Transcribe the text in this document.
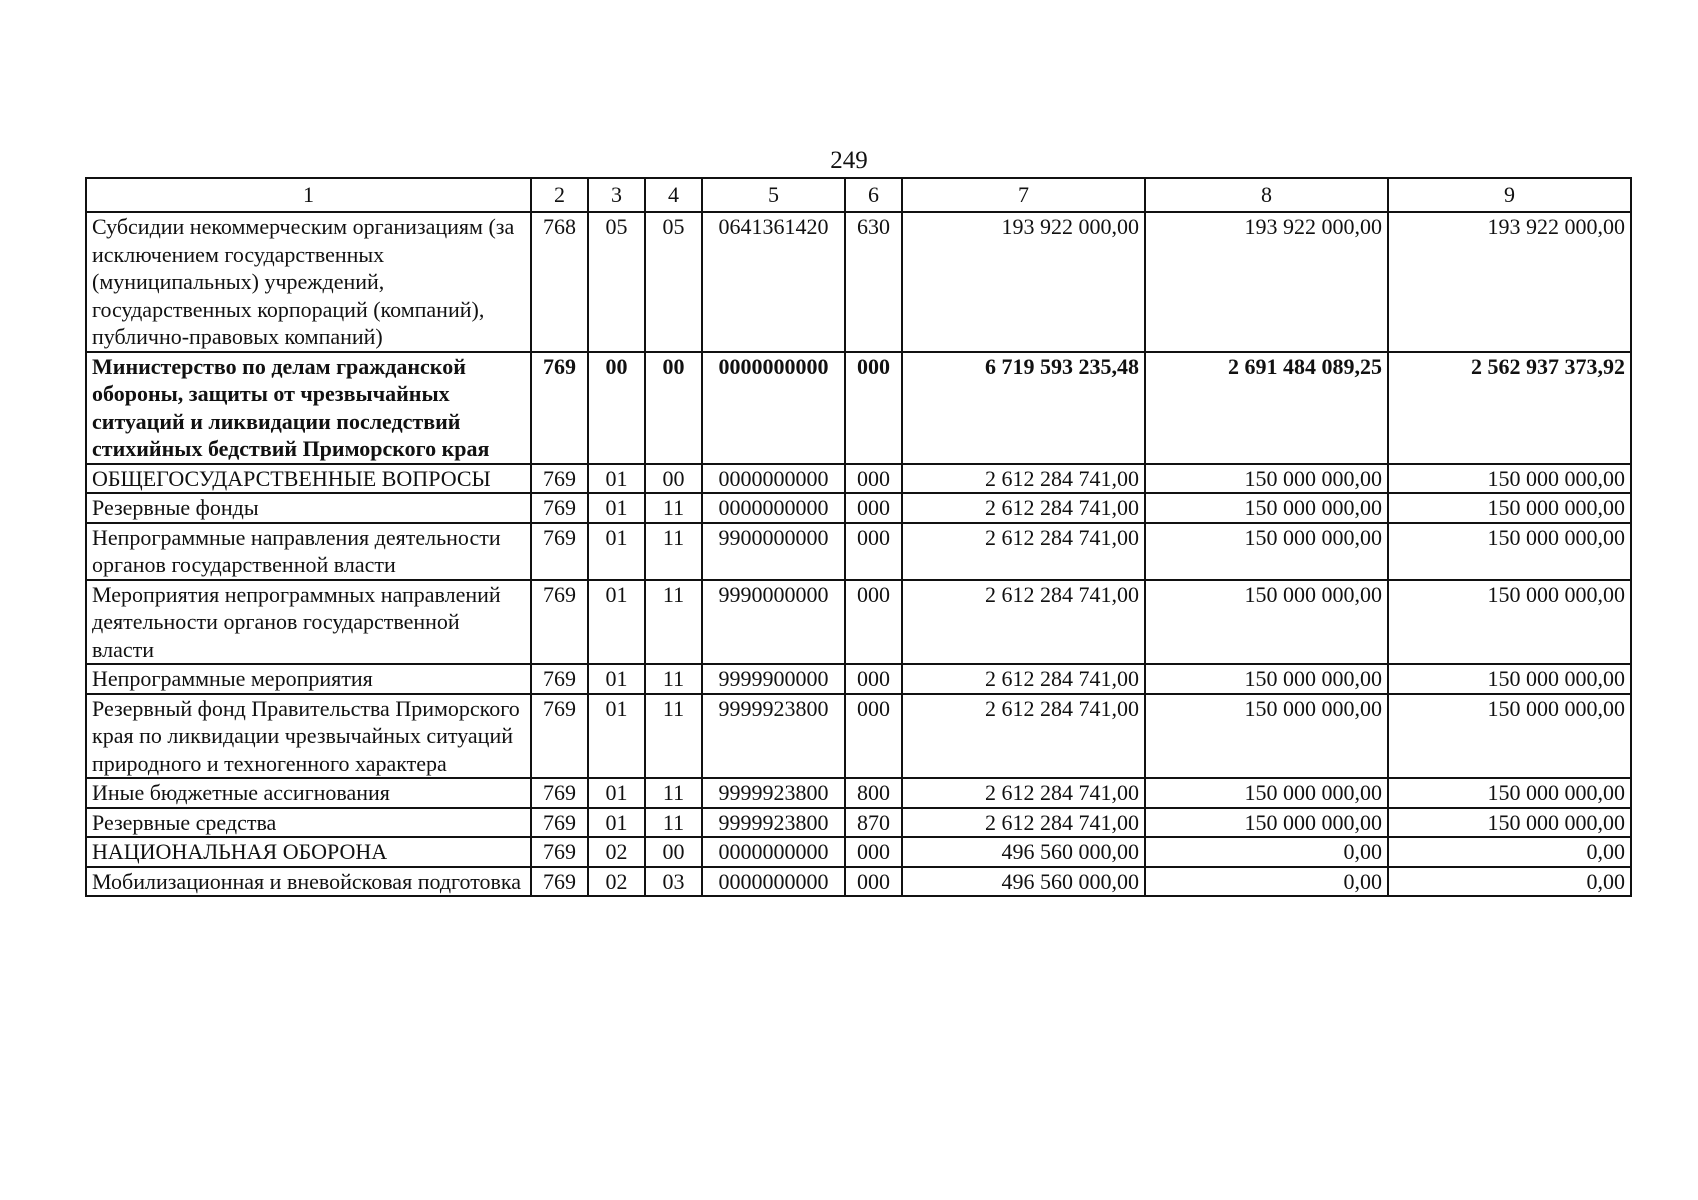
249
1	2	3	4	5	6	7	8	9
Субсидии некоммерческим организациям (за исключением государственных (муниципальных) учреждений, государственных корпораций (компаний), публично-правовых компаний)	768	05	05	0641361420	630	193 922 000,00	193 922 000,00	193 922 000,00
Министерство по делам гражданской обороны, защиты от чрезвычайных ситуаций и ликвидации последствий стихийных бедствий Приморского края	769	00	00	0000000000	000	6 719 593 235,48	2 691 484 089,25	2 562 937 373,92
ОБЩЕГОСУДАРСТВЕННЫЕ ВОПРОСЫ	769	01	00	0000000000	000	2 612 284 741,00	150 000 000,00	150 000 000,00
Резервные фонды	769	01	11	0000000000	000	2 612 284 741,00	150 000 000,00	150 000 000,00
Непрограммные направления деятельности органов государственной власти	769	01	11	9900000000	000	2 612 284 741,00	150 000 000,00	150 000 000,00
Мероприятия непрограммных направлений деятельности органов государственной власти	769	01	11	9990000000	000	2 612 284 741,00	150 000 000,00	150 000 000,00
Непрограммные мероприятия	769	01	11	9999900000	000	2 612 284 741,00	150 000 000,00	150 000 000,00
Резервный фонд Правительства Приморского края по ликвидации чрезвычайных ситуаций природного и техногенного характера	769	01	11	9999923800	000	2 612 284 741,00	150 000 000,00	150 000 000,00
Иные бюджетные ассигнования	769	01	11	9999923800	800	2 612 284 741,00	150 000 000,00	150 000 000,00
Резервные средства	769	01	11	9999923800	870	2 612 284 741,00	150 000 000,00	150 000 000,00
НАЦИОНАЛЬНАЯ ОБОРОНА	769	02	00	0000000000	000	496 560 000,00	0,00	0,00
Мобилизационная и вневойсковая подготовка	769	02	03	0000000000	000	496 560 000,00	0,00	0,00
